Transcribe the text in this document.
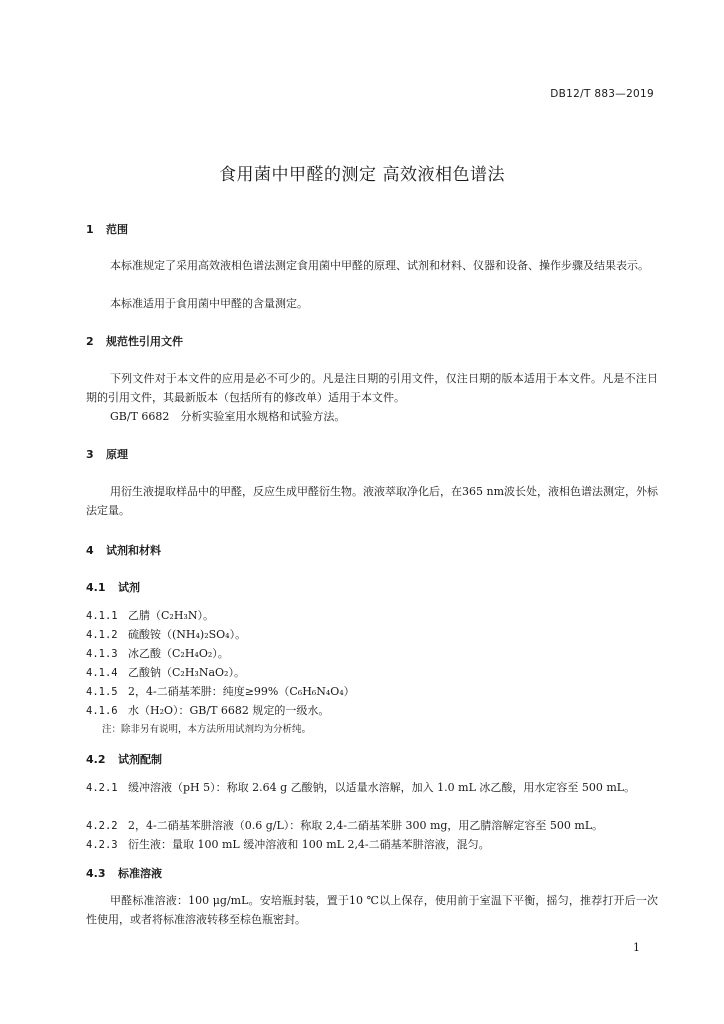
DB12/T 883—2019
食用菌中甲醛的测定 高效液相色谱法
1 范围
本标准规定了采用高效液相色谱法测定食用菌中甲醛的原理、试剂和材料、仪器和设备、操作步骤及结果表示。
本标准适用于食用菌中甲醛的含量测定。
2 规范性引用文件
下列文件对于本文件的应用是必不可少的。凡是注日期的引用文件，仅注日期的版本适用于本文件。凡是不注日期的引用文件，其最新版本（包括所有的修改单）适用于本文件。
GB/T 6682　分析实验室用水规格和试验方法。
3 原理
用衍生液提取样品中的甲醛，反应生成甲醛衍生物。液液萃取净化后，在365 nm波长处，液相色谱法测定，外标法定量。
4 试剂和材料
4.1 试剂
4.1.1 乙腈（C₂H₃N）。
4.1.2 硫酸铵（(NH₄)₂SO₄）。
4.1.3 冰乙酸（C₂H₄O₂）。
4.1.4 乙酸钠（C₂H₃NaO₂）。
4.1.5 2，4-二硝基苯肼：纯度≥99%（C₆H₆N₄O₄）
4.1.6 水（H₂O）：GB/T 6682 规定的一级水。
注：除非另有说明，本方法所用试剂均为分析纯。
4.2 试剂配制
4.2.1 缓冲溶液（pH 5）：称取 2.64 g 乙酸钠，以适量水溶解，加入 1.0 mL 冰乙酸，用水定容至 500 mL。
4.2.2 2，4-二硝基苯肼溶液（0.6 g/L）：称取 2,4-二硝基苯肼 300 mg，用乙腈溶解定容至 500 mL。
4.2.3 衍生液：量取 100 mL 缓冲溶液和 100 mL 2,4-二硝基苯肼溶液，混匀。
4.3 标准溶液
甲醛标准溶液：100 μg/mL。安培瓶封装，置于10 ℃以上保存，使用前于室温下平衡，摇匀，推荐打开后一次性使用，或者将标准溶液转移至棕色瓶密封。
1
